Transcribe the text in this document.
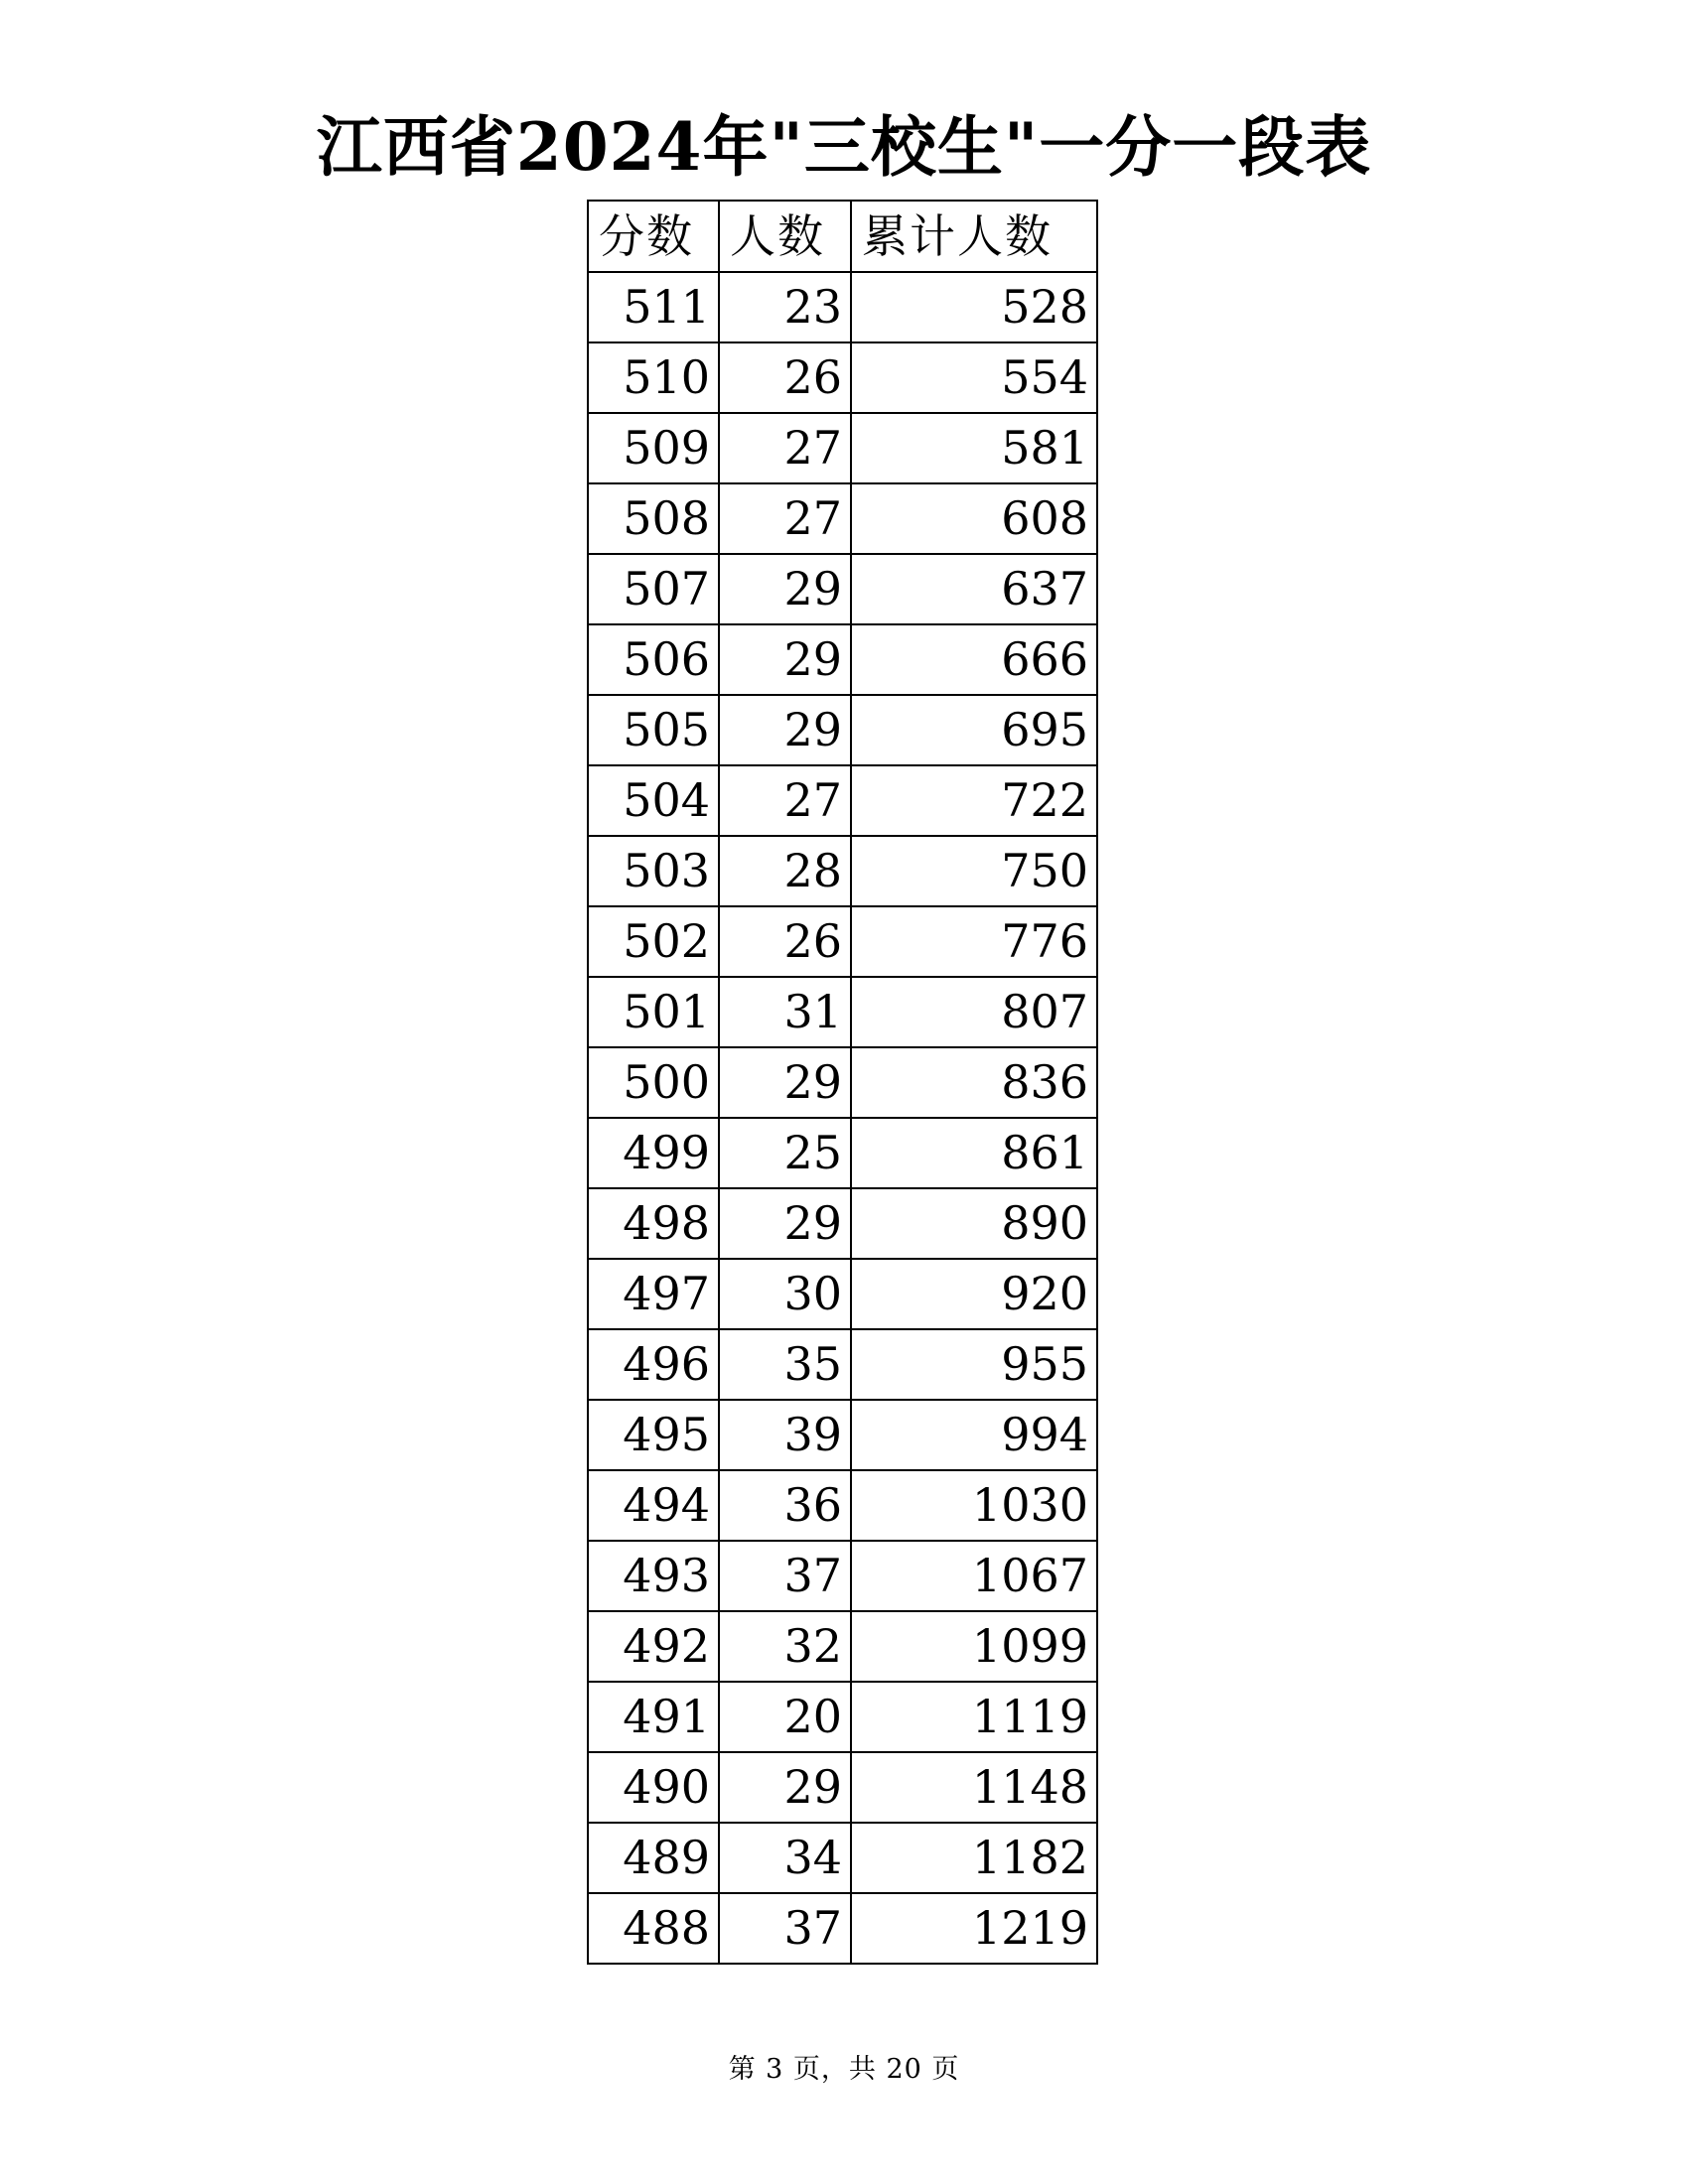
江西省2024年"三校生"一分一段表
分数	人数	累计人数
511	23	528
510	26	554
509	27	581
508	27	608
507	29	637
506	29	666
505	29	695
504	27	722
503	28	750
502	26	776
501	31	807
500	29	836
499	25	861
498	29	890
497	30	920
496	35	955
495	39	994
494	36	1030
493	37	1067
492	32	1099
491	20	1119
490	29	1148
489	34	1182
488	37	1219
第 3 页，共 20 页
